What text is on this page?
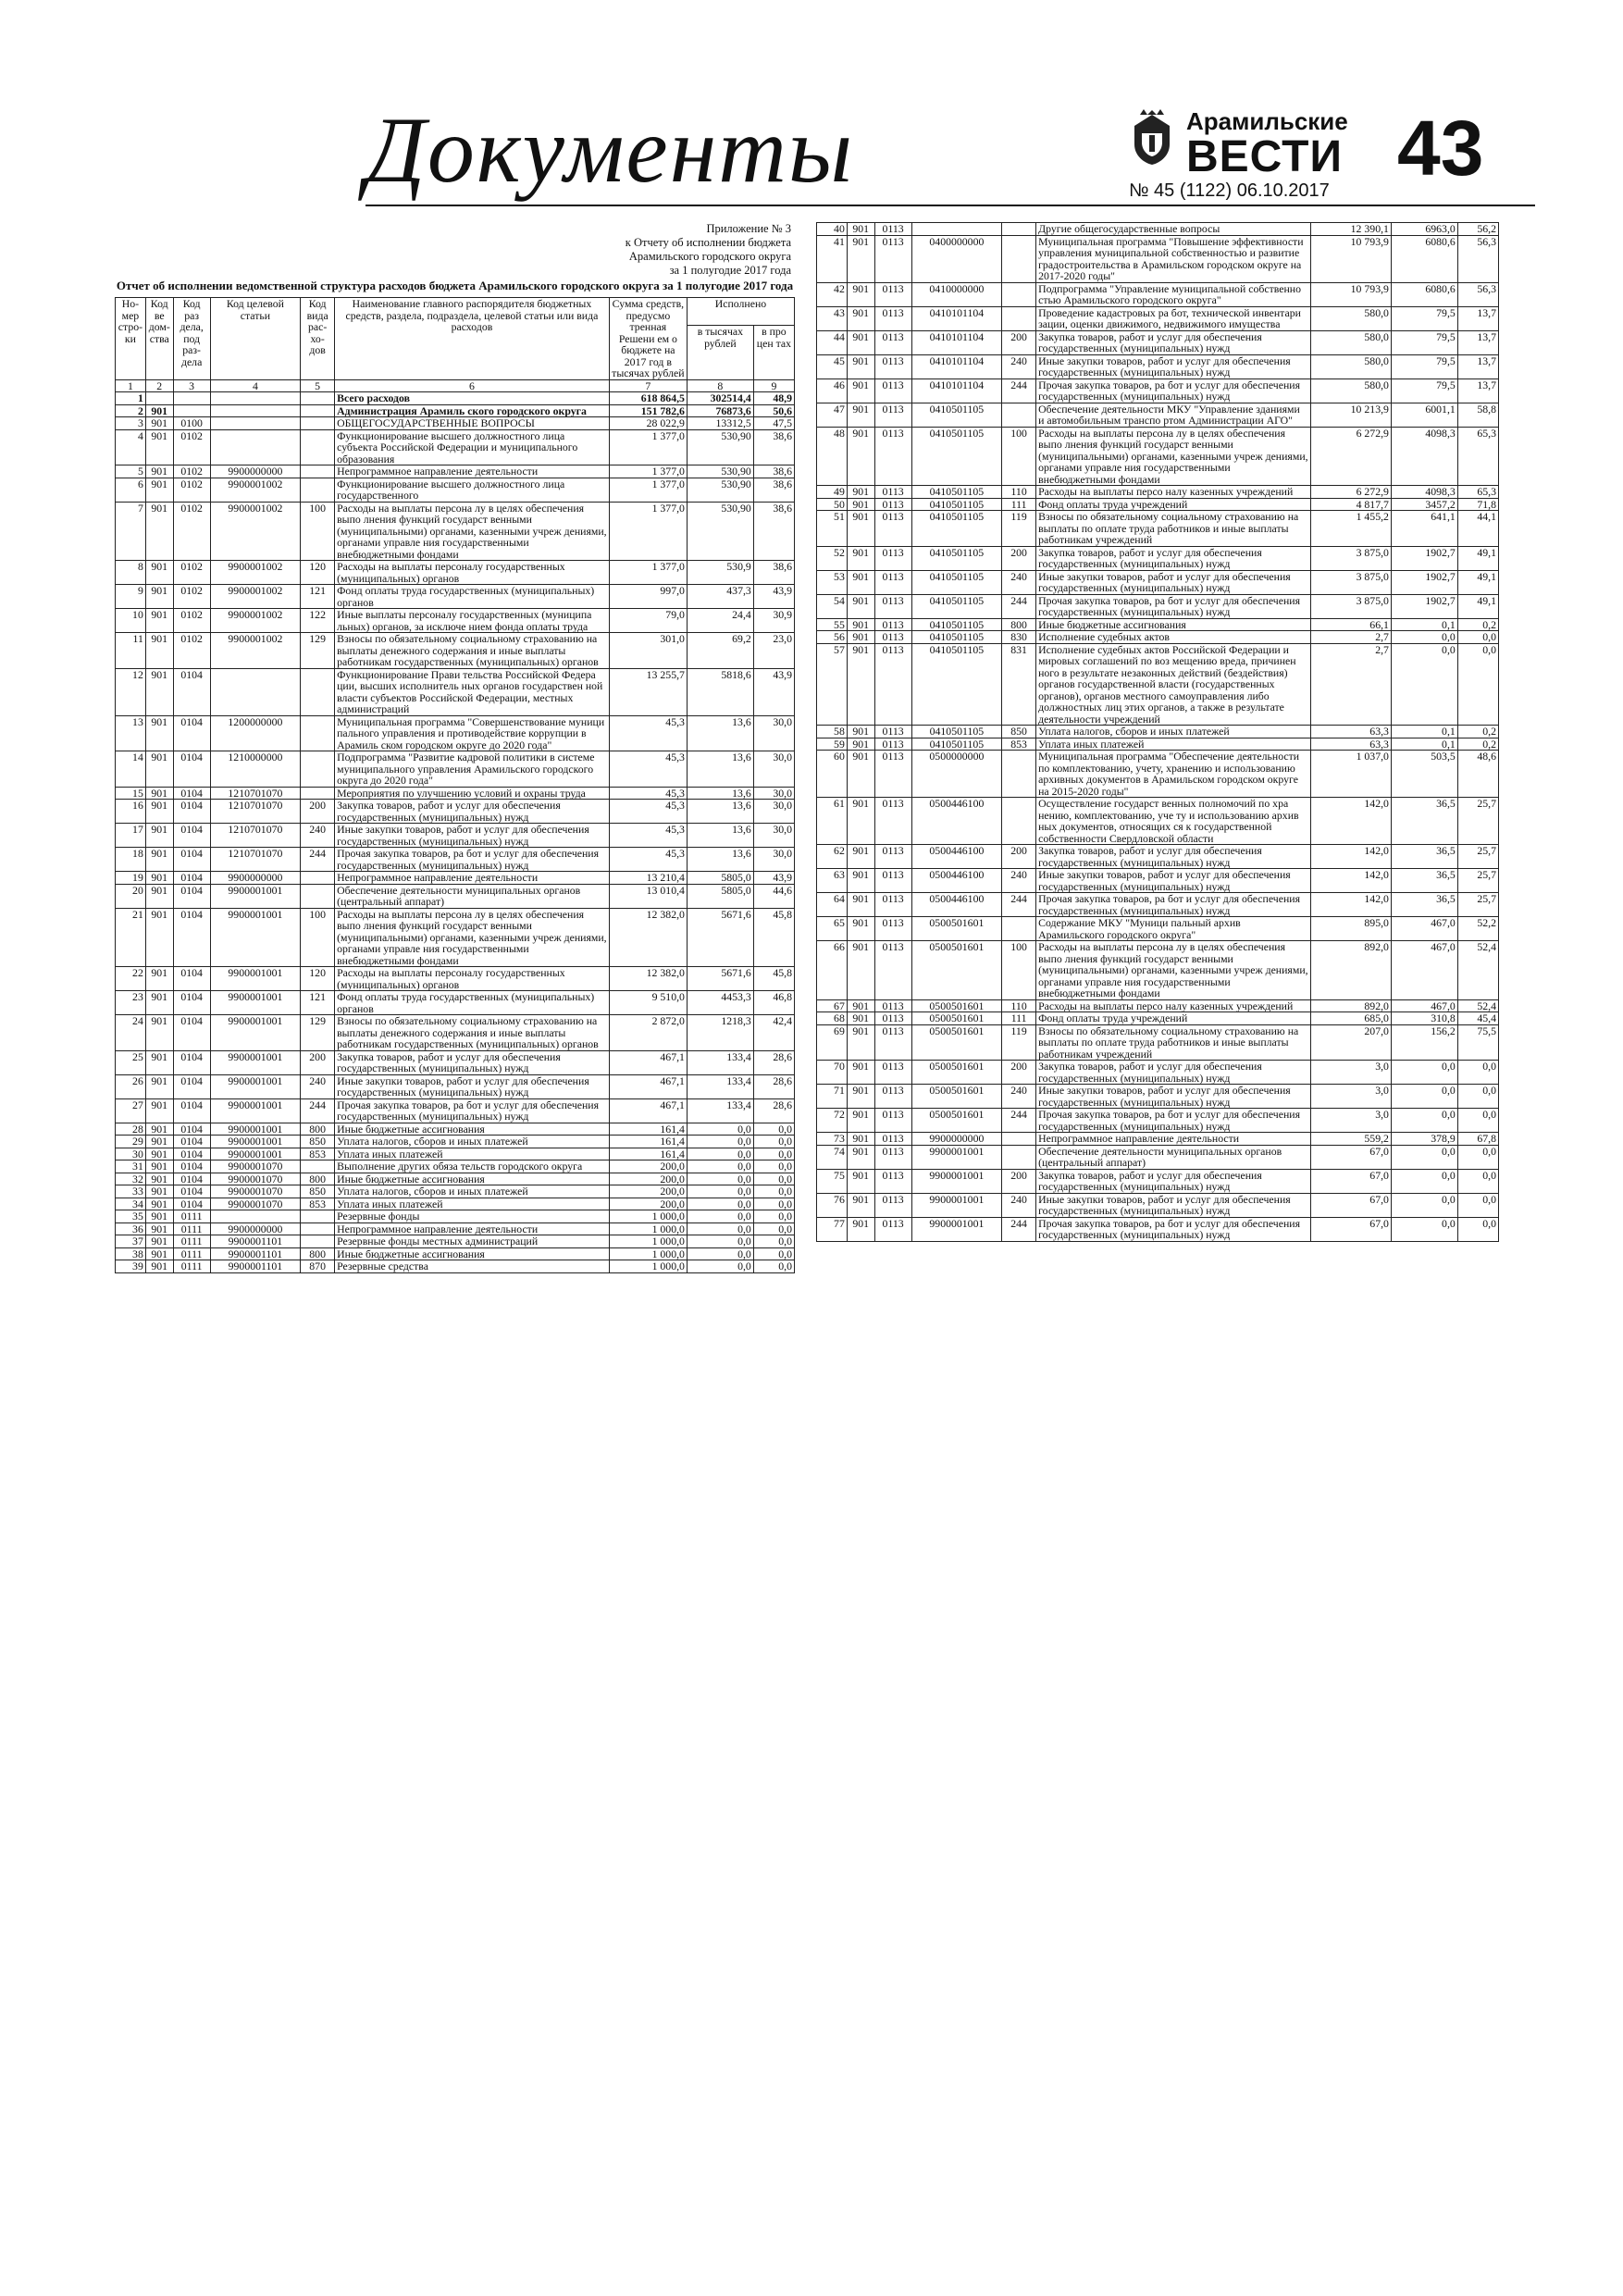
Документы	Арамильские
ВЕСТИ
№ 45 (1122) 06.10.2017 43
Приложение № 3
к Отчету об исполнении бюджета
Арамильского городского округа
за 1 полугодие 2017 года
Отчет об исполнении ведомственной структура расходов бюджета Арамильского городского округа за 1 полугодие 2017 года
Но-мер стро-ки	Код ве дом-ства	Код раз дела, под раз-дела	Код целевой статьи	Код вида рас-хо-дов	Наименование главного распорядителя бюджетных средств, раздела, подраздела, целевой статьи или вида расходов	Сумма средств, предусмо тренная Решени ем о бюджете на 2017 год в тысячах рублей	Исполнено	
							в тысячах рублей	в про цен тах
1	2	3	4	5	6	7	8	9
1					Всего расходов	618 864,5	302514,4	48,9
2	901				Администрация Арамиль ского городского округа	151 782,6	76873,6	50,6
3	901	0100			ОБЩЕГОСУДАРСТВЕННЫЕ ВОПРОСЫ	28 022,9	13312,5	47,5
4	901	0102			Функционирование высшего должностного лица субъекта Российской Федерации и муниципального образования	1 377,0	530,90	38,6
5	901	0102	9900000000		Непрограммное направление деятельности	1 377,0	530,90	38,6
6	901	0102	9900001002		Функционирование высшего должностного лица государственного	1 377,0	530,90	38,6
7	901	0102	9900001002	100	Расходы на выплаты персона лу в целях обеспечения выпо лнения функций государст венными (муниципальными) органами, казенными учреж дениями, органами управле ния государственными внебюджетными фондами	1 377,0	530,90	38,6
8	901	0102	9900001002	120	Расходы на выплаты персоналу государственных (муниципальных) органов	1 377,0	530,9	38,6
9	901	0102	9900001002	121	Фонд оплаты труда государственных (муниципальных) органов	997,0	437,3	43,9
10	901	0102	9900001002	122	Иные выплаты персоналу государственных (муниципа льных) органов, за исключе нием фонда оплаты труда	79,0	24,4	30,9
11	901	0102	9900001002	129	Взносы по обязательному социальному страхованию на выплаты денежного содержания и иные выплаты работникам государственных (муниципальных) органов	301,0	69,2	23,0
12	901	0104			Функционирование Прави тельства Российской Федера ции, высших исполнитель ных органов государствен ной власти субъектов Российской Федерации, местных администраций	13 255,7	5818,6	43,9
13	901	0104	1200000000		Муниципальная программа "Совершенствование муници пального управления и противодействие коррупции в Арамиль ском городском округе до 2020 года"	45,3	13,6	30,0
14	901	0104	1210000000		Подпрограмма "Развитие кадровой политики в системе муниципального управления Арамильского городского округа до 2020 года"	45,3	13,6	30,0
15	901	0104	1210701070		Мероприятия по улучшению условий и охраны труда	45,3	13,6	30,0
16	901	0104	1210701070	200	Закупка товаров, работ и услуг для обеспечения государственных (муниципальных) нужд	45,3	13,6	30,0
17	901	0104	1210701070	240	Иные закупки товаров, работ и услуг для обеспечения государственных (муниципальных) нужд	45,3	13,6	30,0
18	901	0104	1210701070	244	Прочая закупка товаров, ра бот и услуг для обеспечения государственных (муниципальных) нужд	45,3	13,6	30,0
19	901	0104	9900000000		Непрограммное направление деятельности	13 210,4	5805,0	43,9
20	901	0104	9900001001		Обеспечение деятельности муниципальных органов (центральный аппарат)	13 010,4	5805,0	44,6
21	901	0104	9900001001	100	Расходы на выплаты персона лу в целях обеспечения выпо лнения функций государст венными (муниципальными) органами, казенными учреж дениями, органами управле ния государственными внебюджетными фондами	12 382,0	5671,6	45,8
22	901	0104	9900001001	120	Расходы на выплаты персоналу государственных (муниципальных) органов	12 382,0	5671,6	45,8
23	901	0104	9900001001	121	Фонд оплаты труда государственных (муниципальных) органов	9 510,0	4453,3	46,8
24	901	0104	9900001001	129	Взносы по обязательному социальному страхованию на выплаты денежного содержания и иные выплаты работникам государственных (муниципальных) органов	2 872,0	1218,3	42,4
25	901	0104	9900001001	200	Закупка товаров, работ и услуг для обеспечения государственных (муниципальных) нужд	467,1	133,4	28,6
26	901	0104	9900001001	240	Иные закупки товаров, работ и услуг для обеспечения государственных (муниципальных) нужд	467,1	133,4	28,6
27	901	0104	9900001001	244	Прочая закупка товаров, ра бот и услуг для обеспечения государственных (муниципальных) нужд	467,1	133,4	28,6
28	901	0104	9900001001	800	Иные бюджетные ассигнования	161,4	0,0	0,0
29	901	0104	9900001001	850	Уплата налогов, сборов и иных платежей	161,4	0,0	0,0
30	901	0104	9900001001	853	Уплата иных платежей	161,4	0,0	0,0
31	901	0104	9900001070		Выполнение других обяза тельств городского округа	200,0	0,0	0,0
32	901	0104	9900001070	800	Иные бюджетные ассигнования	200,0	0,0	0,0
33	901	0104	9900001070	850	Уплата налогов, сборов и иных платежей	200,0	0,0	0,0
34	901	0104	9900001070	853	Уплата иных платежей	200,0	0,0	0,0
35	901	0111			Резервные фонды	1 000,0	0,0	0,0
36	901	0111	9900000000		Непрограммное направление деятельности	1 000,0	0,0	0,0
37	901	0111	9900001101		Резервные фонды местных администраций	1 000,0	0,0	0,0
38	901	0111	9900001101	800	Иные бюджетные ассигнования	1 000,0	0,0	0,0
39	901	0111	9900001101	870	Резервные средства	1 000,0	0,0	0,0
40	901	0113			Другие общегосударственные вопросы	12 390,1	6963,0	56,2
41	901	0113	0400000000		Муниципальная программа "Повышение эффективности управления муниципальной собственностью и развитие градостроительства в Арамильском городском округе на 2017-2020 годы"	10 793,9	6080,6	56,3
42	901	0113	0410000000		Подпрограмма "Управление муниципальной собственно стью Арамильского городского округа"	10 793,9	6080,6	56,3
43	901	0113	0410101104		Проведение кадастровых ра бот, технической инвентари зации, оценки движимого, недвижимого имущества	580,0	79,5	13,7
44	901	0113	0410101104	200	Закупка товаров, работ и услуг для обеспечения государственных (муниципальных) нужд	580,0	79,5	13,7
45	901	0113	0410101104	240	Иные закупки товаров, работ и услуг для обеспечения государственных (муниципальных) нужд	580,0	79,5	13,7
46	901	0113	0410101104	244	Прочая закупка товаров, ра бот и услуг для обеспечения государственных (муниципальных) нужд	580,0	79,5	13,7
47	901	0113	0410501105		Обеспечение деятельности МКУ "Управление зданиями и автомобильным транспо ртом Администрации АГО"	10 213,9	6001,1	58,8
48	901	0113	0410501105	100	Расходы на выплаты персона лу в целях обеспечения выпо лнения функций государст венными (муниципальными) органами, казенными учреж дениями, органами управле ния государственными внебюджетными фондами	6 272,9	4098,3	65,3
49	901	0113	0410501105	110	Расходы на выплаты персо налу казенных учреждений	6 272,9	4098,3	65,3
50	901	0113	0410501105	111	Фонд оплаты труда учреждений	4 817,7	3457,2	71,8
51	901	0113	0410501105	119	Взносы по обязательному социальному страхованию на выплаты по оплате труда работников и иные выплаты работникам учреждений	1 455,2	641,1	44,1
52	901	0113	0410501105	200	Закупка товаров, работ и услуг для обеспечения государственных (муниципальных) нужд	3 875,0	1902,7	49,1
53	901	0113	0410501105	240	Иные закупки товаров, работ и услуг для обеспечения государственных (муниципальных) нужд	3 875,0	1902,7	49,1
54	901	0113	0410501105	244	Прочая закупка товаров, ра бот и услуг для обеспечения государственных (муниципальных) нужд	3 875,0	1902,7	49,1
55	901	0113	0410501105	800	Иные бюджетные ассигнования	66,1	0,1	0,2
56	901	0113	0410501105	830	Исполнение судебных актов	2,7	0,0	0,0
57	901	0113	0410501105	831	Исполнение судебных актов Российской Федерации и мировых соглашений по воз мещению вреда, причинен ного в результате незаконных действий (бездействия) органов государственной власти (государственных органов), органов местного самоуправления либо должностных лиц этих органов, а также в результате деятельности учреждений	2,7	0,0	0,0
58	901	0113	0410501105	850	Уплата налогов, сборов и иных платежей	63,3	0,1	0,2
59	901	0113	0410501105	853	Уплата иных платежей	63,3	0,1	0,2
60	901	0113	0500000000		Муниципальная программа "Обеспечение деятельности по комплектованию, учету, хранению и использованию архивных документов в Арамильском городском округе на 2015-2020 годы"	1 037,0	503,5	48,6
61	901	0113	0500446100		Осуществление государст венных полномочий по хра нению, комплектованию, уче ту и использованию архив ных документов, относящих ся к государственной собственности Свердловской области	142,0	36,5	25,7
62	901	0113	0500446100	200	Закупка товаров, работ и услуг для обеспечения государственных (муниципальных) нужд	142,0	36,5	25,7
63	901	0113	0500446100	240	Иные закупки товаров, работ и услуг для обеспечения государственных (муниципальных) нужд	142,0	36,5	25,7
64	901	0113	0500446100	244	Прочая закупка товаров, ра бот и услуг для обеспечения государственных (муниципальных) нужд	142,0	36,5	25,7
65	901	0113	0500501601		Содержание МКУ "Муници пальный архив Арамильского городского округа"	895,0	467,0	52,2
66	901	0113	0500501601	100	Расходы на выплаты персона лу в целях обеспечения выпо лнения функций государст венными (муниципальными) органами, казенными учреж дениями, органами управле ния государственными внебюджетными фондами	892,0	467,0	52,4
67	901	0113	0500501601	110	Расходы на выплаты персо налу казенных учреждений	892,0	467,0	52,4
68	901	0113	0500501601	111	Фонд оплаты труда учреждений	685,0	310,8	45,4
69	901	0113	0500501601	119	Взносы по обязательному социальному страхованию на выплаты по оплате труда работников и иные выплаты работникам учреждений	207,0	156,2	75,5
70	901	0113	0500501601	200	Закупка товаров, работ и услуг для обеспечения государственных (муниципальных) нужд	3,0	0,0	0,0
71	901	0113	0500501601	240	Иные закупки товаров, работ и услуг для обеспечения государственных (муниципальных) нужд	3,0	0,0	0,0
72	901	0113	0500501601	244	Прочая закупка товаров, ра бот и услуг для обеспечения государственных (муниципальных) нужд	3,0	0,0	0,0
73	901	0113	9900000000		Непрограммное направление деятельности	559,2	378,9	67,8
74	901	0113	9900001001		Обеспечение деятельности муниципальных органов (центральный аппарат)	67,0	0,0	0,0
75	901	0113	9900001001	200	Закупка товаров, работ и услуг для обеспечения государственных (муниципальных) нужд	67,0	0,0	0,0
76	901	0113	9900001001	240	Иные закупки товаров, работ и услуг для обеспечения государственных (муниципальных) нужд	67,0	0,0	0,0
77	901	0113	9900001001	244	Прочая закупка товаров, ра бот и услуг для обеспечения государственных (муниципальных) нужд	67,0	0,0	0,0
